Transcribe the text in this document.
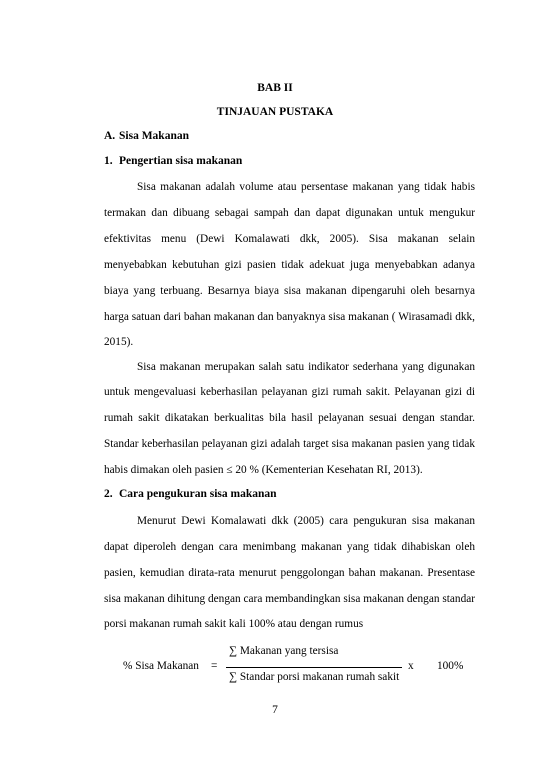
BAB II
TINJAUAN PUSTAKA
A. Sisa Makanan
1. Pengertian sisa makanan
Sisa makanan adalah volume atau persentase makanan yang tidak habis
termakan dan dibuang sebagai sampah dan dapat digunakan untuk mengukur
efektivitas menu (Dewi Komalawati dkk, 2005). Sisa makanan selain
menyebabkan kebutuhan gizi pasien tidak adekuat juga menyebabkan adanya
biaya yang terbuang. Besarnya biaya sisa makanan dipengaruhi oleh besarnya
harga satuan dari bahan makanan dan banyaknya sisa makanan ( Wirasamadi dkk,
2015).
Sisa makanan merupakan salah satu indikator sederhana yang digunakan
untuk mengevaluasi keberhasilan pelayanan gizi rumah sakit. Pelayanan gizi di
rumah sakit dikatakan berkualitas bila hasil pelayanan sesuai dengan standar.
Standar keberhasilan pelayanan gizi adalah target sisa makanan pasien yang tidak
habis dimakan oleh pasien ≤ 20 % (Kementerian Kesehatan RI, 2013).
2. Cara pengukuran sisa makanan
Menurut Dewi Komalawati dkk (2005) cara pengukuran sisa makanan
dapat diperoleh dengan cara menimbang makanan yang tidak dihabiskan oleh
pasien, kemudian dirata-rata menurut penggolongan bahan makanan. Presentase
sisa makanan dihitung dengan cara membandingkan sisa makanan dengan standar
porsi makanan rumah sakit kali 100% atau dengan rumus
∑ Makanan yang tersisa
% Sisa Makanan =	x 100%
∑ Standar porsi makanan rumah sakit
7
